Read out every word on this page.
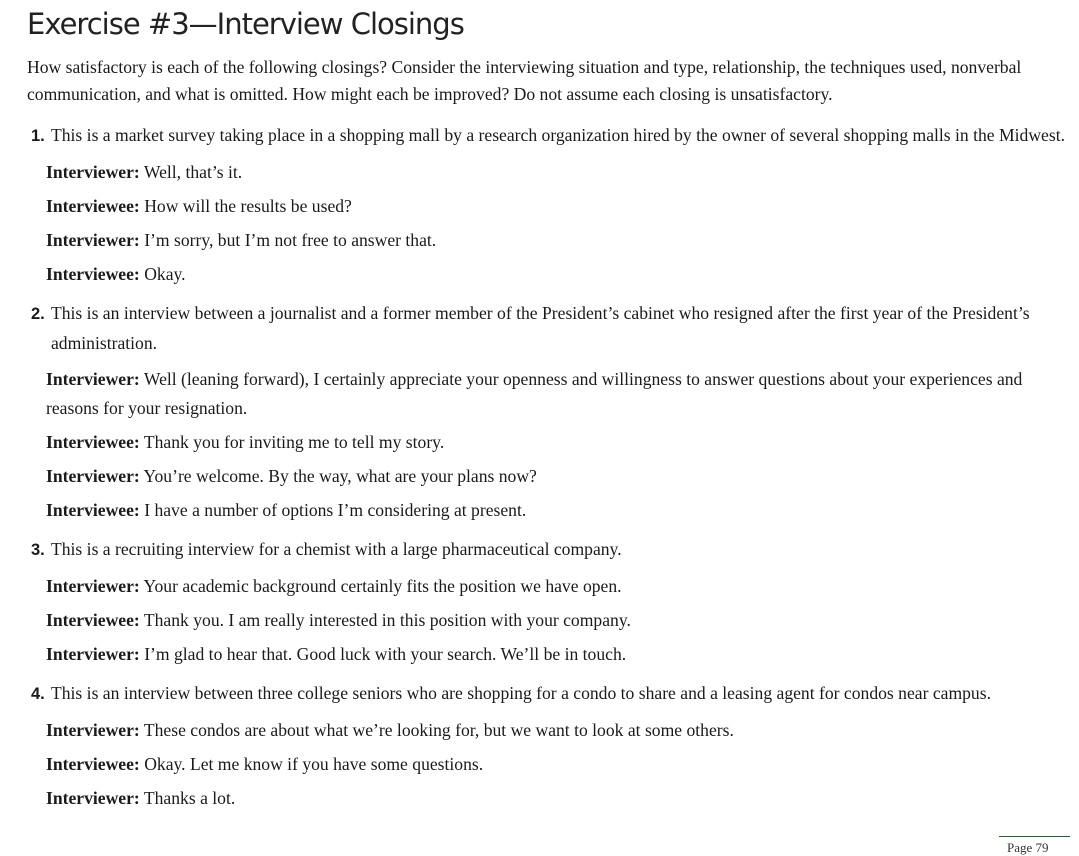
Exercise #3—Interview Closings

How satisfactory is each of the following closings? Consider the interviewing situation and type, relationship, the techniques used, nonverbal communication, and what is omitted. How might each be improved? Do not assume each closing is unsatisfactory.

1. This is a market survey taking place in a shopping mall by a research organization hired by the owner of several shopping malls in the Midwest.

Interviewer: Well, that’s it.

Interviewee: How will the results be used?

Interviewer: I’m sorry, but I’m not free to answer that.

Interviewee: Okay.

2. This is an interview between a journalist and a former member of the President’s cabinet who resigned after the first year of the President’s administration.

Interviewer: Well (leaning forward), I certainly appreciate your openness and willingness to answer questions about your experiences and reasons for your resignation.

Interviewee: Thank you for inviting me to tell my story.

Interviewer: You’re welcome. By the way, what are your plans now?

Interviewee: I have a number of options I’m considering at present.

3. This is a recruiting interview for a chemist with a large pharmaceutical company.

Interviewer: Your academic background certainly fits the position we have open.

Interviewee: Thank you. I am really interested in this position with your company.

Interviewer: I’m glad to hear that. Good luck with your search. We’ll be in touch.

4. This is an interview between three college seniors who are shopping for a condo to share and a leasing agent for condos near campus.

Interviewer: These condos are about what we’re looking for, but we want to look at some others.

Interviewee: Okay. Let me know if you have some questions.

Interviewer: Thanks a lot.

Page 79
